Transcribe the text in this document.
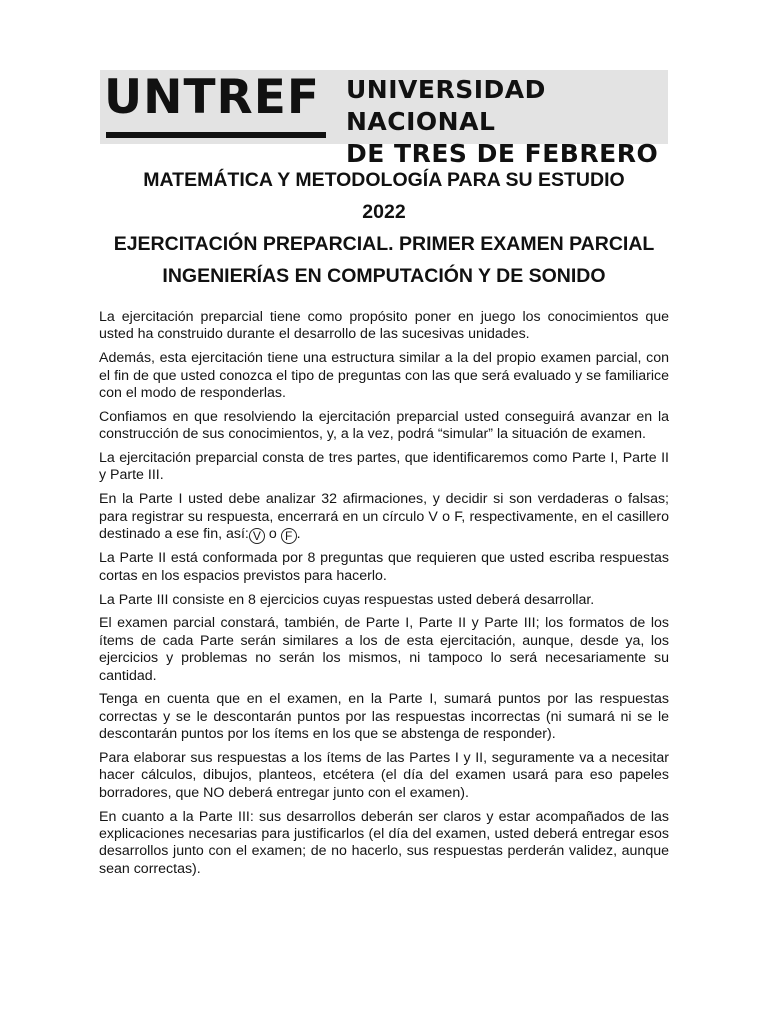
UNTREF UNIVERSIDAD NACIONAL
DE TRES DE FEBRERO
MATEMÁTICA Y METODOLOGÍA PARA SU ESTUDIO
2022
EJERCITACIÓN PREPARCIAL. PRIMER EXAMEN PARCIAL
INGENIERÍAS EN COMPUTACIÓN Y DE SONIDO

La ejercitación preparcial tiene como propósito poner en juego los conocimientos que usted ha construido durante el desarrollo de las sucesivas unidades.

Además, esta ejercitación tiene una estructura similar a la del propio examen parcial, con el fin de que usted conozca el tipo de preguntas con las que será evaluado y se familiarice con el modo de responderlas.

Confiamos en que resolviendo la ejercitación preparcial usted conseguirá avanzar en la construcción de sus conocimientos, y, a la vez, podrá “simular” la situación de examen.

La ejercitación preparcial consta de tres partes, que identificaremos como Parte I, Parte II y Parte III.

En la Parte I usted debe analizar 32 afirmaciones, y decidir si son verdaderas o falsas; para registrar su respuesta, encerrará en un círculo V o F, respectivamente, en el casillero destinado a ese fin, así: V o F .

La Parte II está conformada por 8 preguntas que requieren que usted escriba respuestas cortas en los espacios previstos para hacerlo.

La Parte III consiste en 8 ejercicios cuyas respuestas usted deberá desarrollar.

El examen parcial constará, también, de Parte I, Parte II y Parte III; los formatos de los ítems de cada Parte serán similares a los de esta ejercitación, aunque, desde ya, los ejercicios y problemas no serán los mismos, ni tampoco lo será necesariamente su cantidad.

Tenga en cuenta que en el examen, en la Parte I, sumará puntos por las respuestas correctas y se le descontarán puntos por las respuestas incorrectas (ni sumará ni se le descontarán puntos por los ítems en los que se abstenga de responder).

Para elaborar sus respuestas a los ítems de las Partes I y II, seguramente va a necesitar hacer cálculos, dibujos, planteos, etcétera (el día del examen usará para eso papeles borradores, que NO deberá entregar junto con el examen).

En cuanto a la Parte III: sus desarrollos deberán ser claros y estar acompañados de las explicaciones necesarias para justificarlos (el día del examen, usted deberá entregar esos desarrollos junto con el examen; de no hacerlo, sus respuestas perderán validez, aunque sean correctas).
